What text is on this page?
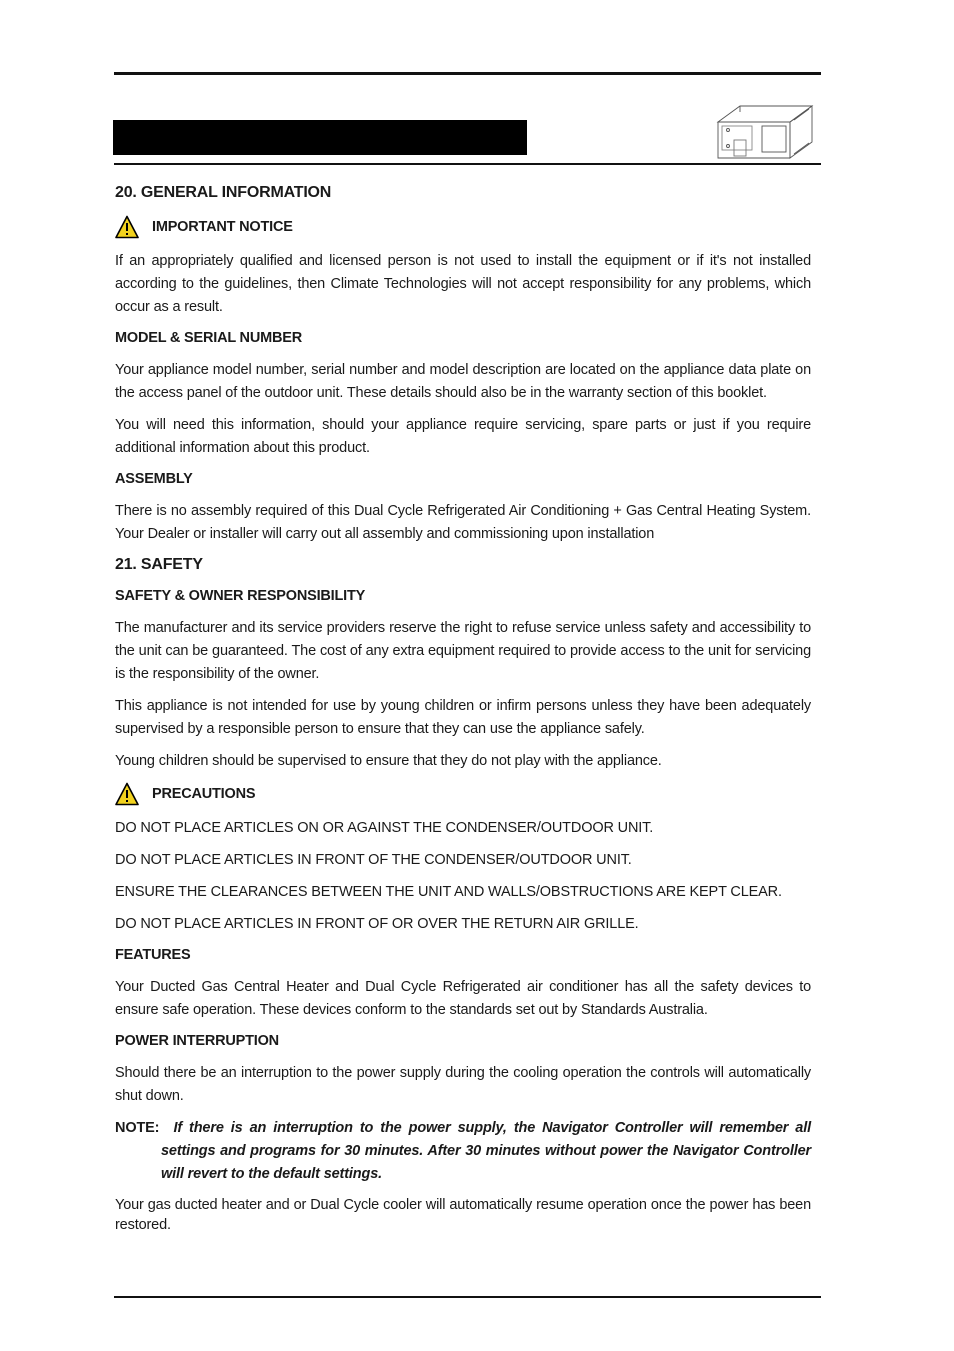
20. GENERAL INFORMATION
IMPORTANT NOTICE

If an appropriately qualified and licensed person is not used to install the equipment or if it's not installed according to the guidelines, then Climate Technologies will not accept responsibility for any problems, which occur as a result.

MODEL & SERIAL NUMBER

Your appliance model number, serial number and model description are located on the appliance data plate on the access panel of the outdoor unit. These details should also be in the warranty section of this booklet.

You will need this information, should your appliance require servicing, spare parts or just if you require additional information about this product.

ASSEMBLY

There is no assembly required of this Dual Cycle Refrigerated Air Conditioning + Gas Central Heating System. Your Dealer or installer will carry out all assembly and commissioning upon installation

21. SAFETY
SAFETY & OWNER RESPONSIBILITY

The manufacturer and its service providers reserve the right to refuse service unless safety and accessibility to the unit can be guaranteed. The cost of any extra equipment required to provide access to the unit for servicing is the responsibility of the owner.

This appliance is not intended for use by young children or infirm persons unless they have been adequately supervised by a responsible person to ensure that they can use the appliance safely.

Young children should be supervised to ensure that they do not play with the appliance.

PRECAUTIONS

DO NOT PLACE ARTICLES ON OR AGAINST THE CONDENSER/OUTDOOR UNIT.

DO NOT PLACE ARTICLES IN FRONT OF THE CONDENSER/OUTDOOR UNIT.

ENSURE THE CLEARANCES BETWEEN THE UNIT AND WALLS/OBSTRUCTIONS ARE KEPT CLEAR.

DO NOT PLACE ARTICLES IN FRONT OF OR OVER THE RETURN AIR GRILLE.

FEATURES

Your Ducted Gas Central Heater and Dual Cycle Refrigerated air conditioner has all the safety devices to ensure safe operation. These devices conform to the standards set out by Standards Australia.

POWER INTERRUPTION

Should there be an interruption to the power supply during the cooling operation the controls will automatically shut down.

NOTE: If there is an interruption to the power supply, the Navigator Controller will remember all settings and programs for 30 minutes. After 30 minutes without power the Navigator Controller will revert to the default settings.

Your gas ducted heater and or Dual Cycle cooler will automatically resume operation once the power has been restored.
